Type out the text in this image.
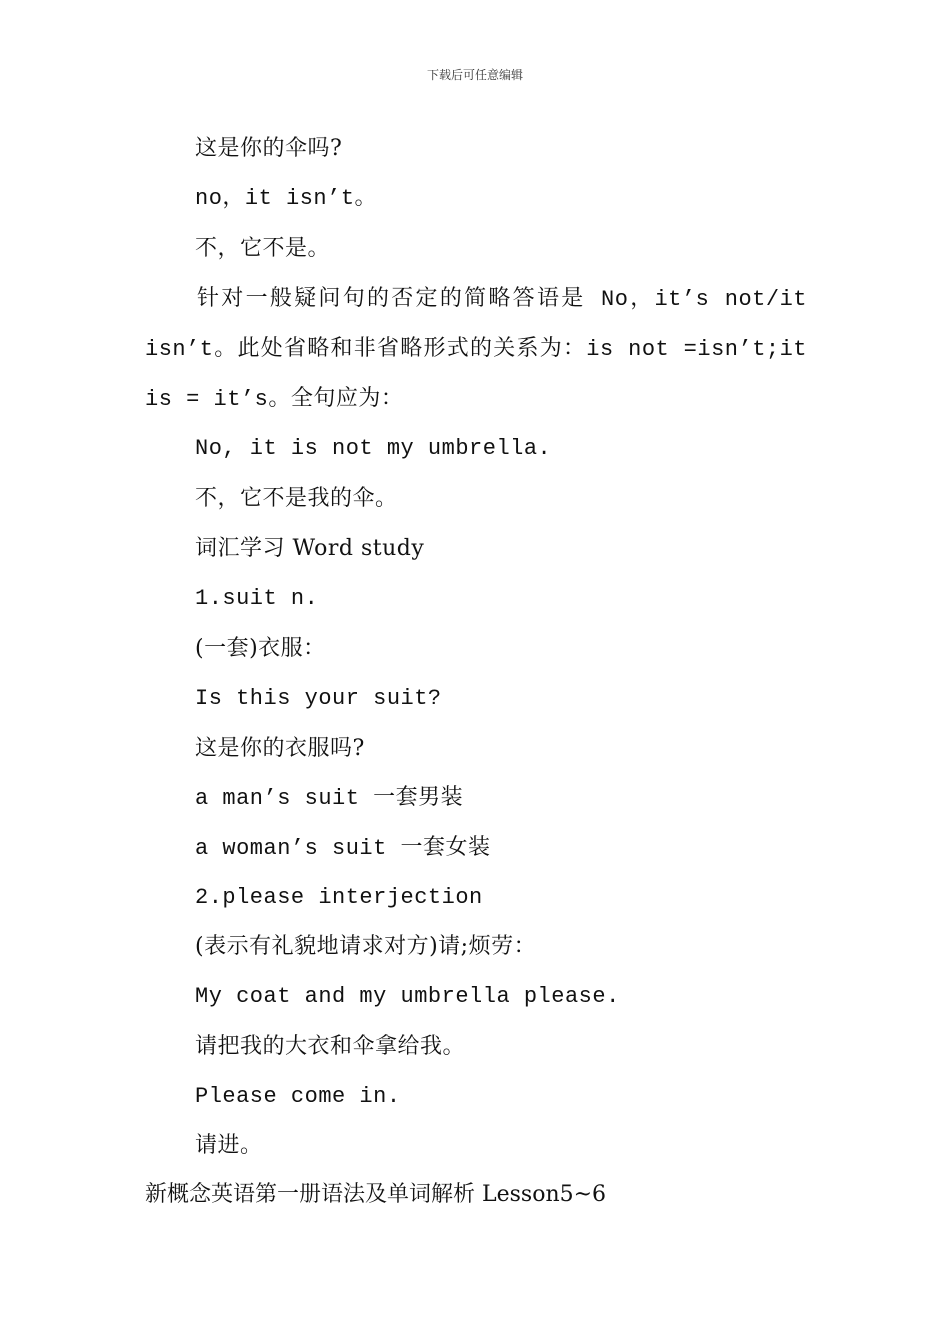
下载后可任意编辑
这是你的伞吗?
no，it isn’t。
不，它不是。
针对一般疑问句的否定的简略答语是 No，it’s not/it isn’t。此处省略和非省略形式的关系为：is not =isn’t;it is = it’s。全句应为：
No, it is not my umbrella.
不，它不是我的伞。
词汇学习 Word study
1.suit n.
(一套)衣服：
Is this your suit?
这是你的衣服吗?
a man’s suit 一套男装
a woman’s suit 一套女装
2.please interjection
(表示有礼貌地请求对方)请;烦劳：
My coat and my umbrella please.
请把我的大衣和伞拿给我。
Please come in.
请进。
新概念英语第一册语法及单词解析 Lesson5~6
